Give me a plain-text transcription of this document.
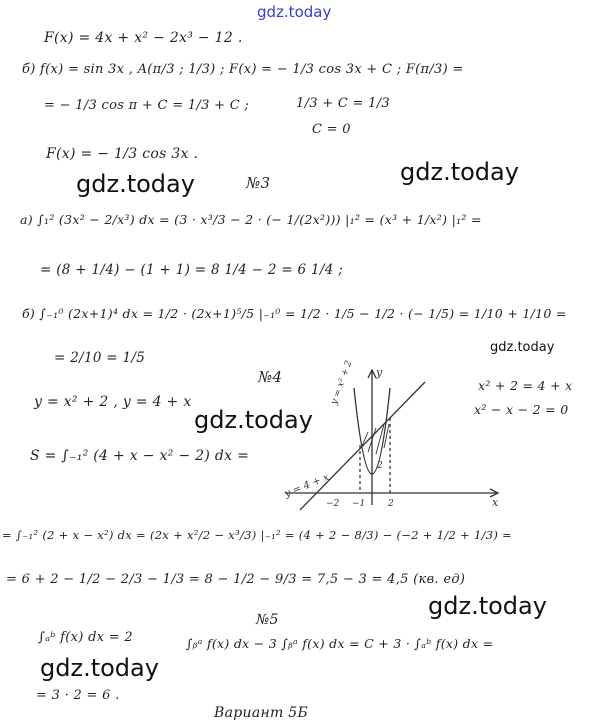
y
x
y = x² + 2
y = 4 + x
−2 −1	2
2
F(x) = 4x + x² − 2x³ − 12 .
б) f(x) = sin 3x , A(π/3 ; 1/3) ; F(x) = − 1/3 cos 3x + C ; F(π/3) =
= − 1/3 cos π + C = 1/3 + C ;	1/3 + C = 1/3
C = 0
F(x) = − 1/3 cos 3x .
№3
а) ∫₁² (3x² − 2/x³) dx = (3 · x³/3 − 2 · (− 1/(2x²))) |₁² = (x³ + 1/x²) |₁² =
= (8 + 1/4) − (1 + 1) = 8 1/4 − 2 = 6 1/4 ;
б) ∫₋₁⁰ (2x+1)⁴ dx = 1/2 · (2x+1)⁵/5 |₋₁⁰ = 1/2 · 1/5 − 1/2 · (− 1/5) = 1/10 + 1/10 =
= 2/10 = 1/5
№4
y = x² + 2 , y = 4 + x
x² + 2 = 4 + x
x² − x − 2 = 0
S = ∫₋₁² (4 + x − x² − 2) dx =
= ∫₋₁² (2 + x − x²) dx = (2x + x²/2 − x³/3) |₋₁² = (4 + 2 − 8/3) − (−2 + 1/2 + 1/3) =
= 6 + 2 − 1/2 − 2/3 − 1/3 = 8 − 1/2 − 9/3 = 7,5 − 3 = 4,5 (кв. ед)
№5
∫ₐᵇ f(x) dx = 2	∫ᵦᵃ f(x) dx − 3 ∫ᵦᵃ f(x) dx = C + 3 · ∫ₐᵇ f(x) dx =
= 3 · 2 = 6 .
Вариант 5Б
gdz.today
gdz.today	gdz.today
gdz.today
gdz.today
gdz.today
gdz.today
